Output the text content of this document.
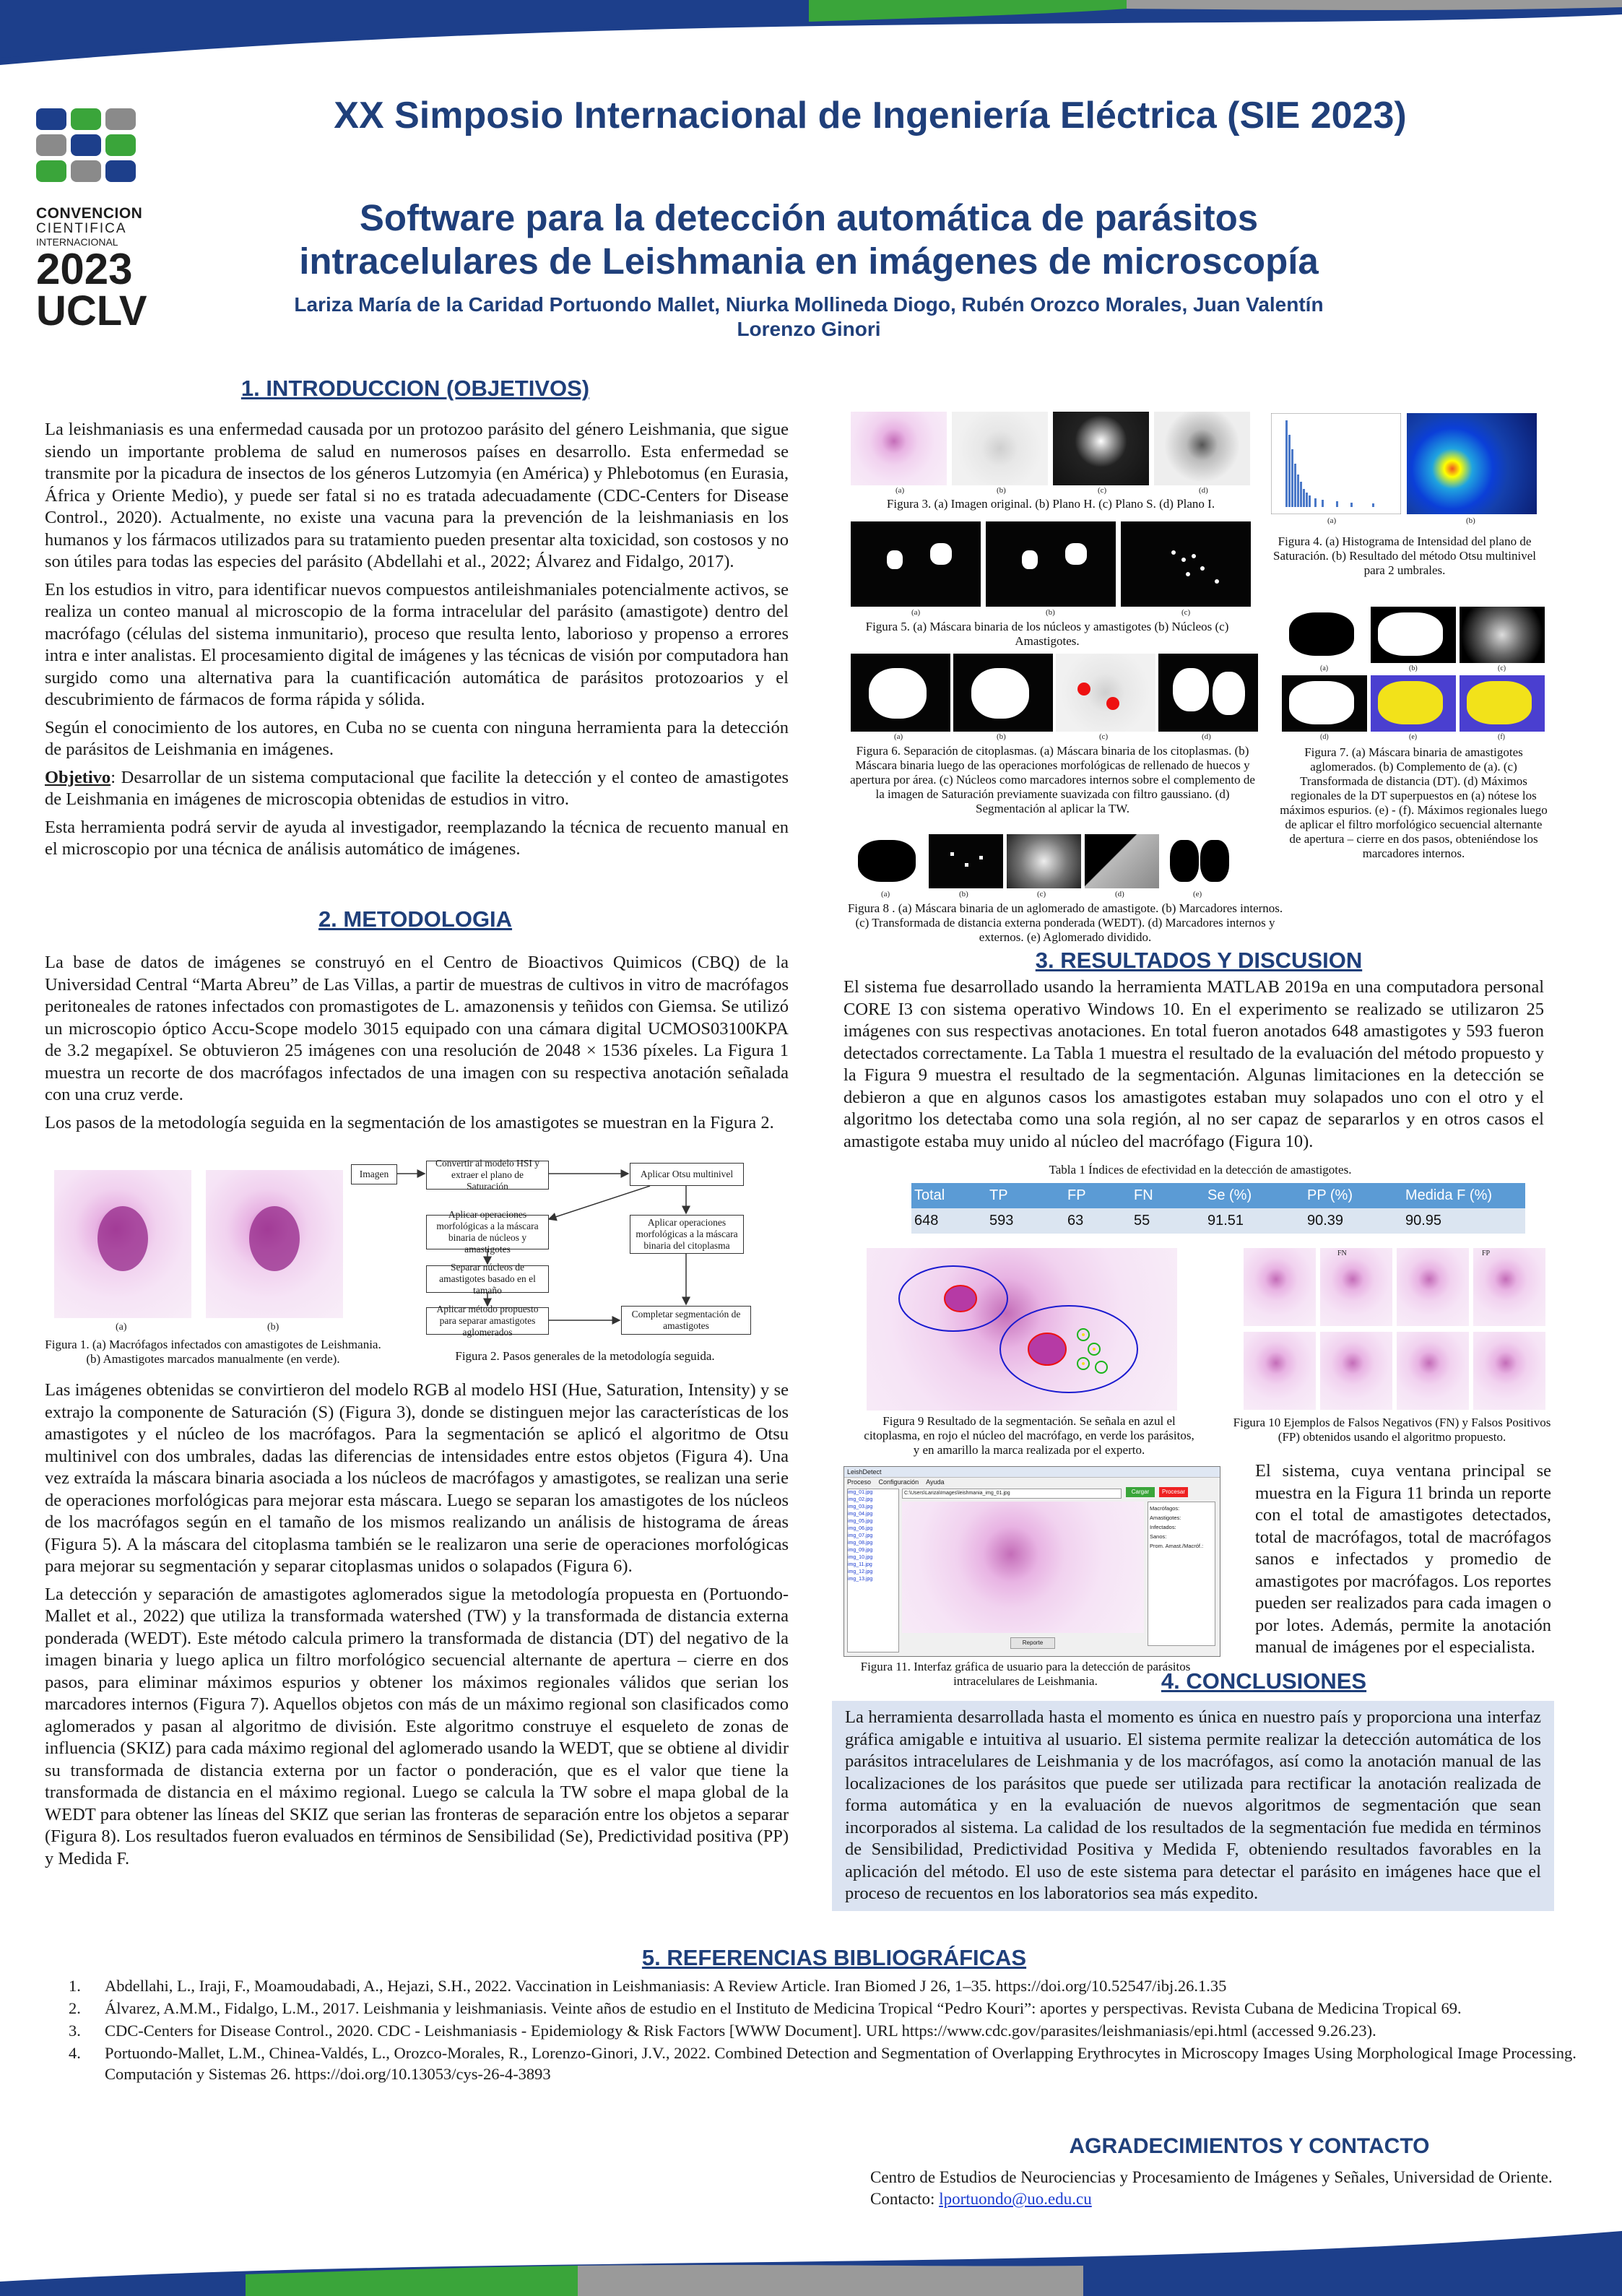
CONVENCION
CIENTIFICA
INTERNACIONAL
2023
UCLV
XX Simposio Internacional de Ingeniería Eléctrica (SIE 2023)
Software para la detección automática de parásitos
intracelulares de Leishmania en imágenes de microscopía
Lariza María de la Caridad Portuondo Mallet, Niurka Mollineda Diogo, Rubén Orozco Morales, Juan Valentín
Lorenzo Ginori
1. INTRODUCCION (OBJETIVOS)

La leishmaniasis es una enfermedad causada por un protozoo parásito del género Leishmania, que sigue siendo un importante problema de salud en numerosos países en desarrollo. Esta enfermedad se transmite por la picadura de insectos de los géneros Lutzomyia (en América) y Phlebotomus (en Eurasia, África y Oriente Medio), y puede ser fatal si no es tratada adecuadamente (CDC-Centers for Disease Control., 2020). Actualmente, no existe una vacuna para la prevención de la leishmaniasis en los humanos y los fármacos utilizados para su tratamiento pueden presentar alta toxicidad, son costosos y no son útiles para todas las especies del parásito (Abdellahi et al., 2022; Álvarez and Fidalgo, 2017).

En los estudios in vitro, para identificar nuevos compuestos antileishmaniales potencialmente activos, se realiza un conteo manual al microscopio de la forma intracelular del parásito (amastigote) dentro del macrófago (células del sistema inmunitario), proceso que resulta lento, laborioso y propenso a errores intra e inter analistas. El procesamiento digital de imágenes y las técnicas de visión por computadora han surgido como una alternativa para la cuantificación automática de parásitos protozoarios y el descubrimiento de fármacos de forma rápida y sólida.

Según el conocimiento de los autores, en Cuba no se cuenta con ninguna herramienta para la detección de parásitos de Leishmania en imágenes.

Objetivo: Desarrollar de un sistema computacional que facilite la detección y el conteo de amastigotes de Leishmania en imágenes de microscopia obtenidas de estudios in vitro.

Esta herramienta podrá servir de ayuda al investigador, reemplazando la técnica de recuento manual en el microscopio por una técnica de análisis automático de imágenes.

2. METODOLOGIA

La base de datos de imágenes se construyó en el Centro de Bioactivos Quimicos (CBQ) de la Universidad Central “Marta Abreu” de Las Villas, a partir de muestras de cultivos in vitro de macrófagos peritoneales de ratones infectados con promastigotes de L. amazonensis y teñidos con Giemsa. Se utilizó un microscopio óptico Accu-Scope modelo 3015 equipado con una cámara digital UCMOS03100KPA de 3.2 megapíxel. Se obtuvieron 25 imágenes con una resolución de 2048 × 1536 píxeles. La Figura 1 muestra un recorte de dos macrófagos infectados de una imagen con su respectiva anotación señalada con una cruz verde.

Los pasos de la metodología seguida en la segmentación de los amastigotes se muestran en la Figura 2.

(a)	(b)
Figura 1. (a) Macrófagos infectados con amastigotes de Leishmania. (b) Amastigotes marcados manualmente (en verde).
Imagen
Convertir al modelo HSI y extraer el plano de Saturación
Aplicar Otsu multinivel
Aplicar operaciones morfológicas a la máscara binaria de núcleos y amastigotes
Aplicar operaciones morfológicas a la máscara binaria del citoplasma
Separar núcleos de amastigotes basado en el tamaño
Aplicar método propuesto para separar amastigotes aglomerados
Completar segmentación de amastigotes
Figura 2. Pasos generales de la metodología seguida.

Las imágenes obtenidas se convirtieron del modelo RGB al modelo HSI (Hue, Saturation, Intensity) y se extrajo la componente de Saturación (S) (Figura 3), donde se distinguen mejor las características de los amastigotes y el núcleo de los macrófagos. Para la segmentación se aplicó el algoritmo de Otsu multinivel con dos umbrales, dadas las diferencias de intensidades entre estos objetos (Figura 4). Una vez extraída la máscara binaria asociada a los núcleos de macrófagos y amastigotes, se realizan una serie de operaciones morfológicas para mejorar esta máscara. Luego se separan los amastigotes de los núcleos de los macrófagos según en el tamaño de los mismos realizando un análisis de histograma de áreas (Figura 5). A la máscara del citoplasma también se le realizaron una serie de operaciones morfológicas para mejorar su segmentación y separar citoplasmas unidos o solapados (Figura 6).

La detección y separación de amastigotes aglomerados sigue la metodología propuesta en (Portuondo-Mallet et al., 2022) que utiliza la transformada watershed (TW) y la transformada de distancia externa ponderada (WEDT). Este método calcula primero la transformada de distancia (DT) del negativo de la imagen binaria y luego aplica un filtro morfológico secuencial alternante de apertura – cierre en dos pasos, para eliminar máximos espurios y obtener los máximos regionales válidos que serian los marcadores internos (Figura 7). Aquellos objetos con más de un máximo regional son clasificados como aglomerados y pasan al algoritmo de división. Este algoritmo construye el esqueleto de zonas de influencia (SKIZ) para cada máximo regional del aglomerado usando la WEDT, que se obtiene al dividir su transformada de distancia externa por un factor o ponderación, que es el valor que tiene la transformada de distancia en el máximo regional. Luego se calcula la TW sobre el mapa global de la WEDT para obtener las líneas del SKIZ que serian las fronteras de separación entre los objetos a separar (Figura 8). Los resultados fueron evaluados en términos de Sensibilidad (Se), Predictividad positiva (PP) y Medida F.

(a)	(b)	(c)	(d)
Figura 3. (a) Imagen original. (b) Plano H. (c) Plano S. (d) Plano I.
(a)	(b)
Figura 4. (a) Histograma de Intensidad del plano de Saturación. (b) Resultado del método Otsu multinivel para 2 umbrales.
(a)	(b)	(c)
Figura 5. (a) Máscara binaria de los núcleos y amastigotes (b) Núcleos (c) Amastigotes.
(a)	(b)	(c)	(d)
Figura 6. Separación de citoplasmas. (a) Máscara binaria de los citoplasmas. (b) Máscara binaria luego de las operaciones morfológicas de rellenado de huecos y apertura por área. (c) Núcleos como marcadores internos sobre el complemento de la imagen de Saturación previamente suavizada con filtro gaussiano. (d) Segmentación al aplicar la TW.
(a)	(b)	(c)
(d)	(e)	(f)
Figura 7. (a) Máscara binaria de amastigotes aglomerados. (b) Complemento de (a). (c) Transformada de distancia (DT). (d) Máximos regionales de la DT superpuestos en (a) nótese los máximos espurios. (e) - (f). Máximos regionales luego de aplicar el filtro morfológico secuencial alternante de apertura – cierre en dos pasos, obteniéndose los marcadores internos.
(a)	(b)	(c)	(d)	(e)
Figura 8 . (a) Máscara binaria de un aglomerado de amastigote. (b) Marcadores internos. (c) Transformada de distancia externa ponderada (WEDT). (d) Marcadores internos y externos. (e) Aglomerado dividido.
3. RESULTADOS Y DISCUSION
El sistema fue desarrollado usando la herramienta MATLAB 2019a en una computadora personal CORE I3 con sistema operativo Windows 10. En el experimento se realizado se utilizaron 25 imágenes con sus respectivas anotaciones. En total fueron anotados 648 amastigotes y 593 fueron detectados correctamente. La Tabla 1 muestra el resultado de la evaluación del método propuesto y la Figura 9 muestra el resultado de la segmentación. Algunas limitaciones en la detección se debieron a que en algunos casos los amastigotes estaban muy solapados uno con el otro y el algoritmo los detectaba como una sola región, al no ser capaz de separarlos y en otros casos el amastigote estaba muy unido al núcleo del macrófago (Figura 10).
Tabla 1 Índices de efectividad en la detección de amastigotes.
Total	TP	FP	FN	Se (%)	PP (%)	Medida F (%)
648	593	63	55	91.51	90.39	90.95
Figura 9 Resultado de la segmentación. Se señala en azul el citoplasma, en rojo el núcleo del macrófago, en verde los parásitos, y en amarillo la marca realizada por el experto.
FN	FP
Figura 10 Ejemplos de Falsos Negativos (FN) y Falsos Positivos (FP) obtenidos usando el algoritmo propuesto.
LeishDetect
Proceso Configuración Ayuda
img_01.jpg
img_02.jpg
img_03.jpg
img_04.jpg
img_05.jpg
img_06.jpg
img_07.jpg
img_08.jpg
img_09.jpg
img_10.jpg
img_11.jpg
img_12.jpg
img_13.jpg
C:\Users\Lariza\Images\leishmania_img_01.jpg	Cargar	Procesar
Macrófagos:
Amastigotes:
Infectados:
Sanos:
Prom. Amast./Macróf.:
Reporte
Figura 11. Interfaz gráfica de usuario para la detección de parásitos intracelulares de Leishmania.
El sistema, cuya ventana principal se muestra en la Figura 11 brinda un reporte con el total de amastigotes detectados, total de macrófagos, total de macrófagos sanos e infectados y promedio de amastigotes por macrófagos. Los reportes pueden ser realizados para cada imagen o por lotes. Además, permite la anotación manual de imágenes por el especialista.
4. CONCLUSIONES
La herramienta desarrollada hasta el momento es única en nuestro país y proporciona una interfaz gráfica amigable e intuitiva al usuario. El sistema permite realizar la detección automática de los parásitos intracelulares de Leishmania y de los macrófagos, así como la anotación manual de las localizaciones de los parásitos que puede ser utilizada para rectificar la anotación realizada de forma automática y en la evaluación de nuevos algoritmos de segmentación que sean incorporados al sistema. La calidad de los resultados de la segmentación fue medida en términos de Sensibilidad, Predictividad Positiva y Medida F, obteniendo resultados favorables en la aplicación del método. El uso de este sistema para detectar el parásito en imágenes hace que el proceso de recuentos en los laboratorios sea más expedito.
5. REFERENCIAS BIBLIOGRÁFICAS
1.	Abdellahi, L., Iraji, F., Moamoudabadi, A., Hejazi, S.H., 2022. Vaccination in Leishmaniasis: A Review Article. Iran Biomed J 26, 1–35. https://doi.org/10.52547/ibj.26.1.35
2.	Álvarez, A.M.M., Fidalgo, L.M., 2017. Leishmania y leishmaniasis. Veinte años de estudio en el Instituto de Medicina Tropical “Pedro Kouri”: aportes y perspectivas. Revista Cubana de Medicina Tropical 69.
3.	CDC-Centers for Disease Control., 2020. CDC - Leishmaniasis - Epidemiology & Risk Factors [WWW Document]. URL https://www.cdc.gov/parasites/leishmaniasis/epi.html (accessed 9.26.23).
4.	Portuondo-Mallet, L.M., Chinea-Valdés, L., Orozco-Morales, R., Lorenzo-Ginori, J.V., 2022. Combined Detection and Segmentation of Overlapping Erythrocytes in Microscopy Images Using Morphological Image Processing. Computación y Sistemas 26. https://doi.org/10.13053/cys-26-4-3893
AGRADECIMIENTOS Y CONTACTO
Centro de Estudios de Neurociencias y Procesamiento de Imágenes y Señales, Universidad de Oriente. Contacto: lportuondo@uo.edu.cu
